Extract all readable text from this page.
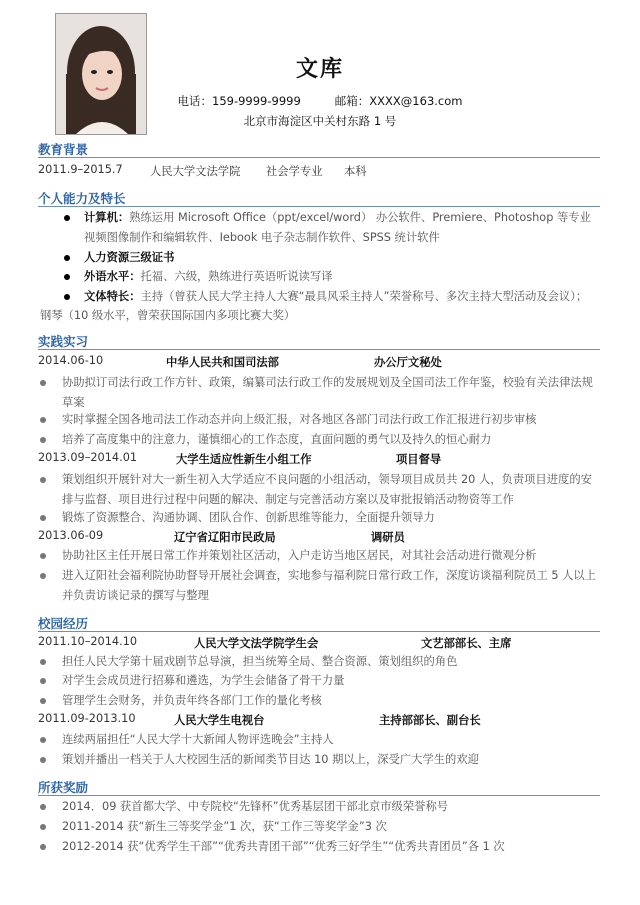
文库
电话：159-9999-9999	邮箱：XXXX@163.com
北京市海淀区中关村东路 1 号
教育背景
2011.9–2015.7 人民大学文法学院 社会学专业 本科
个人能力及特长
计算机：熟练运用 Microsoft Office（ppt/excel/word） 办公软件、Premiere、Photoshop 等专业视频图像制作和编辑软件、Iebook 电子杂志制作软件、SPSS 统计软件
人力资源三级证书
外语水平：托福、六级，熟练进行英语听说读写译
文体特长：主持（曾获人民大学主持人大赛“最具风采主持人”荣誉称号、多次主持大型活动及会议）；
钢琴（10 级水平，曾荣获国际国内多项比赛大奖）
实践实习
2014.06-10	中华人民共和国司法部	办公厅文秘处
协助拟订司法行政工作方针、政策，编纂司法行政工作的发展规划及全国司法工作年鉴，校验有关法律法规草案
实时掌握全国各地司法工作动态并向上级汇报，对各地区各部门司法行政工作汇报进行初步审核
培养了高度集中的注意力，谨慎细心的工作态度，直面问题的勇气以及持久的恒心耐力
2013.09–2014.01	大学生适应性新生小组工作	项目督导
策划组织开展针对大一新生初入大学适应不良问题的小组活动，领导项目成员共 20 人，负责项目进度的安排与监督、项目进行过程中问题的解决、制定与完善活动方案以及审批报销活动物资等工作
锻炼了资源整合、沟通协调、团队合作、创新思维等能力，全面提升领导力
2013.06-09	辽宁省辽阳市民政局	调研员
协助社区主任开展日常工作并策划社区活动，入户走访当地区居民，对其社会活动进行微观分析
进入辽阳社会福利院协助督导开展社会调查，实地参与福利院日常行政工作，深度访谈福利院员工 5 人以上并负责访谈记录的撰写与整理
校园经历
2011.10–2014.10	人民大学文法学院学生会	文艺部部长、主席
担任人民大学第十届戏剧节总导演，担当统筹全局、整合资源、策划组织的角色
对学生会成员进行招募和遴选，为学生会储备了骨干力量
管理学生会财务，并负责年终各部门工作的量化考核
2011.09-2013.10	人民大学生电视台	主持部部长、副台长
连续两届担任“人民大学十大新闻人物评选晚会”主持人
策划并播出一档关于人大校园生活的新闻类节目达 10 期以上，深受广大学生的欢迎
所获奖励
2014．09 获首都大学、中专院校“先锋杯”优秀基层团干部北京市级荣誉称号
2011-2014 获“新生三等奖学金”1 次，获“工作三等奖学金”3 次
2012-2014 获“优秀学生干部”“优秀共青团干部”“优秀三好学生”“优秀共青团员”各 1 次
